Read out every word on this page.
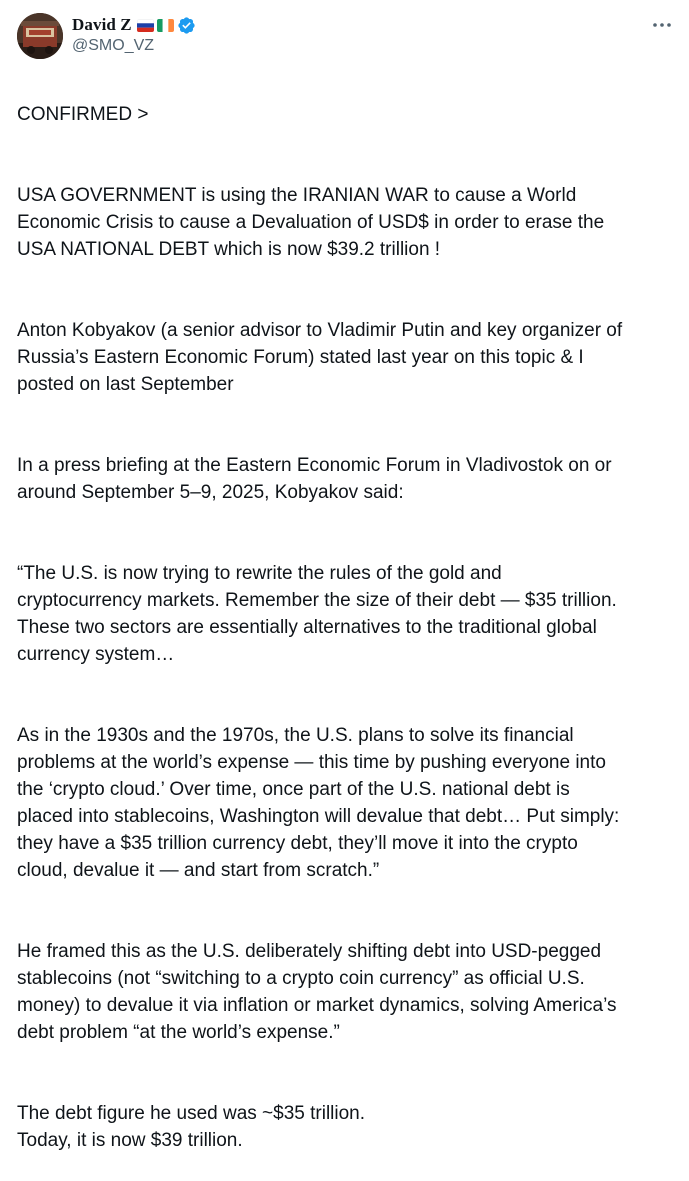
David Z
@SMO_VZ

CONFIRMED >

USA GOVERNMENT is using the IRANIAN WAR to cause a World
Economic Crisis to cause a Devaluation of USD$ in order to erase the
USA NATIONAL DEBT which is now $39.2 trillion !

Anton Kobyakov (a senior advisor to Vladimir Putin and key organizer of
Russia’s Eastern Economic Forum) stated last year on this topic & I
posted on last September

In a press briefing at the Eastern Economic Forum in Vladivostok on or
around September 5–9, 2025, Kobyakov said:

“The U.S. is now trying to rewrite the rules of the gold and
cryptocurrency markets. Remember the size of their debt — $35 trillion.
These two sectors are essentially alternatives to the traditional global
currency system…

As in the 1930s and the 1970s, the U.S. plans to solve its financial
problems at the world’s expense — this time by pushing everyone into
the ‘crypto cloud.’ Over time, once part of the U.S. national debt is
placed into stablecoins, Washington will devalue that debt… Put simply:
they have a $35 trillion currency debt, they’ll move it into the crypto
cloud, devalue it — and start from scratch.”

He framed this as the U.S. deliberately shifting debt into USD-pegged
stablecoins (not “switching to a crypto coin currency” as official U.S.
money) to devalue it via inflation or market dynamics, solving America’s
debt problem “at the world’s expense.”

The debt figure he used was ~$35 trillion.
Today, it is now $39 trillion.
